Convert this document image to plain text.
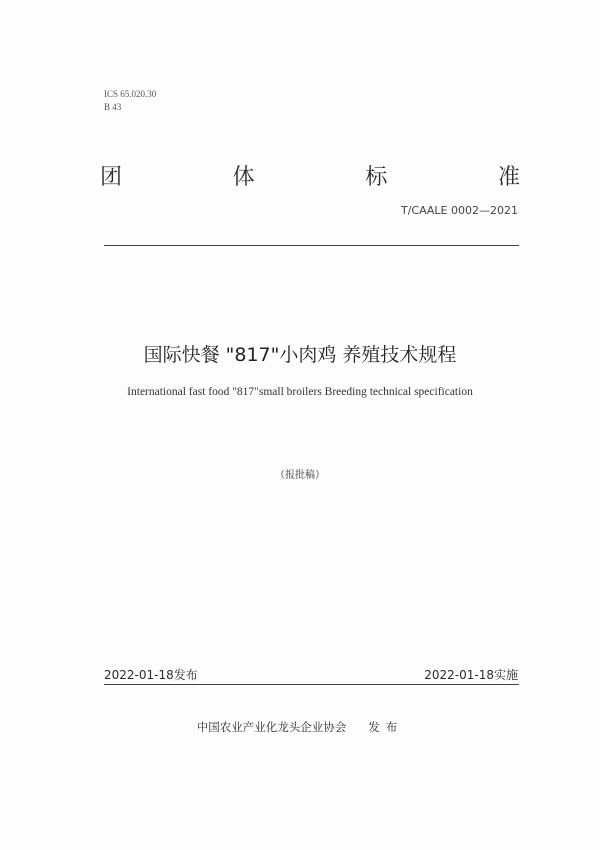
ICS 65.020.30
B 43
团	体	标	准
T/CAALE 0002—2021
国际快餐 "817"小肉鸡 养殖技术规程
International fast food "817"small broilers Breeding technical specification
（报批稿）
2022-01-18发布	2022-01-18实施
中国农业产业化龙头企业协会 发布
